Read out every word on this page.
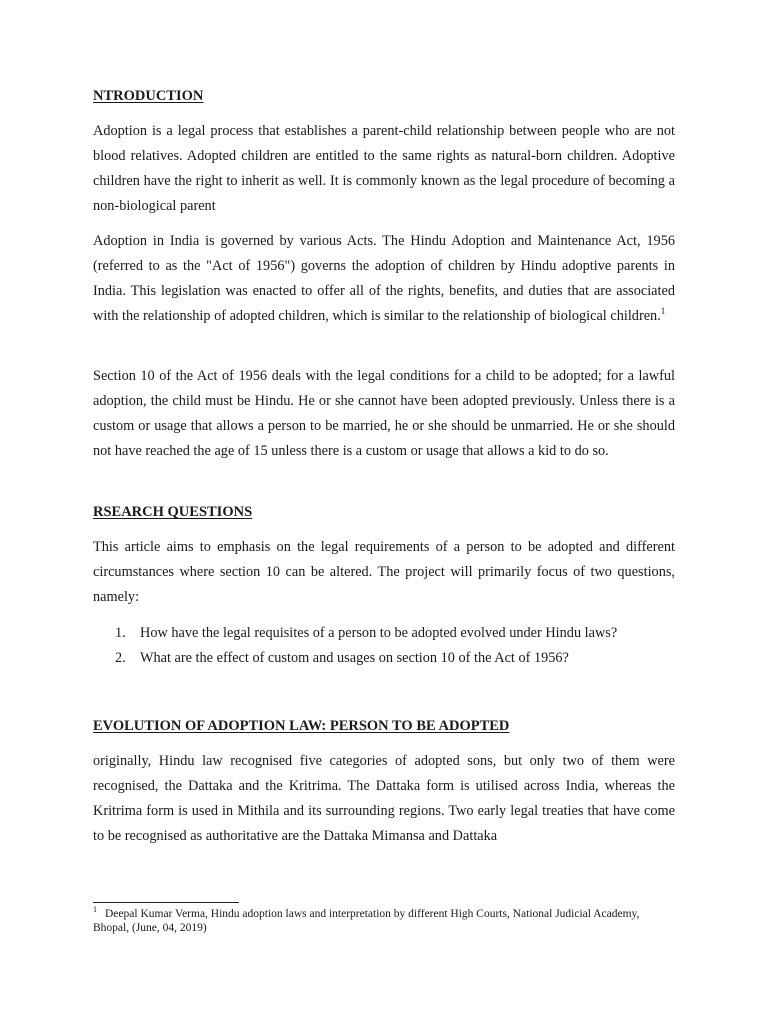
NTRODUCTION

Adoption is a legal process that establishes a parent-child relationship between people who are not blood relatives. Adopted children are entitled to the same rights as natural-born children. Adoptive children have the right to inherit as well. It is commonly known as the legal procedure of becoming a non-biological parent

Adoption in India is governed by various Acts. The Hindu Adoption and Maintenance Act, 1956 (referred to as the "Act of 1956") governs the adoption of children by Hindu adoptive parents in India. This legislation was enacted to offer all of the rights, benefits, and duties that are associated with the relationship of adopted children, which is similar to the relationship of biological children.$^1$

Section 10 of the Act of 1956 deals with the legal conditions for a child to be adopted; for a lawful adoption, the child must be Hindu. He or she cannot have been adopted previously. Unless there is a custom or usage that allows a person to be married, he or she should be unmarried. He or she should not have reached the age of 15 unless there is a custom or usage that allows a kid to do so.

RSEARCH QUESTIONS

This article aims to emphasis on the legal requirements of a person to be adopted and different circumstances where section 10 can be altered. The project will primarily focus of two questions, namely:

1. How have the legal requisites of a person to be adopted evolved under Hindu laws?
2. What are the effect of custom and usages on section 10 of the Act of 1956?
EVOLUTION OF ADOPTION LAW: PERSON TO BE ADOPTED

originally, Hindu law recognised five categories of adopted sons, but only two of them were recognised, the Dattaka and the Kritrima. The Dattaka form is utilised across India, whereas the Kritrima form is used in Mithila and its surrounding regions. Two early legal treaties that have come to be recognised as authoritative are the Dattaka Mimansa and Dattaka

$^1$ Deepal Kumar Verma, Hindu adoption laws and interpretation by different High Courts, National Judicial Academy, Bhopal, (June, 04, 2019)
